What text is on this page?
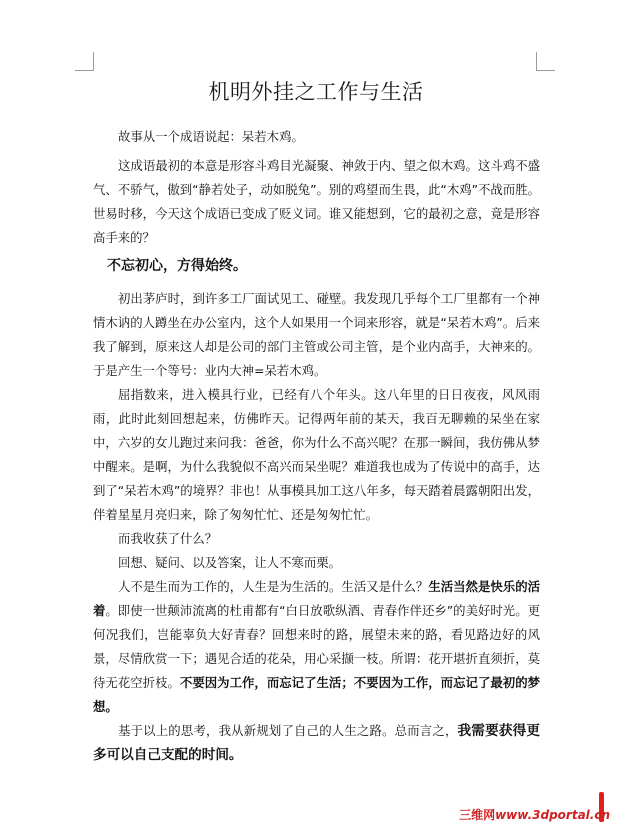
机明外挂之工作与生活

故事从一个成语说起：呆若木鸡。

这成语最初的本意是形容斗鸡目光凝聚、神敛于内、望之似木鸡。这斗鸡不盛气、不骄气，傲到“静若处子，动如脱兔”。别的鸡望而生畏，此“木鸡”不战而胜。世易时移，今天这个成语已变成了贬义词。谁又能想到，它的最初之意，竟是形容高手来的？

不忘初心，方得始终。

初出茅庐时，到许多工厂面试见工、碰壁。我发现几乎每个工厂里都有一个神情木讷的人蹲坐在办公室内，这个人如果用一个词来形容，就是“呆若木鸡”。后来我了解到，原来这人却是公司的部门主管或公司主管，是个业内高手，大神来的。于是产生一个等号：业内大神=呆若木鸡。

屈指数来，进入模具行业，已经有八个年头。这八年里的日日夜夜，风风雨雨，此时此刻回想起来，仿佛昨天。记得两年前的某天，我百无聊赖的呆坐在家中，六岁的女儿跑过来问我：爸爸，你为什么不高兴呢？在那一瞬间，我仿佛从梦中醒来。是啊，为什么我貌似不高兴而呆坐呢？难道我也成为了传说中的高手，达到了“呆若木鸡”的境界？非也！从事模具加工这八年多，每天踏着晨露朝阳出发，伴着星星月亮归来，除了匆匆忙忙、还是匆匆忙忙。

而我收获了什么？

回想、疑问、以及答案，让人不寒而栗。

人不是生而为工作的，人生是为生活的。生活又是什么？生活当然是快乐的活着。即使一世颠沛流离的杜甫都有“白日放歌纵酒、青春作伴还乡”的美好时光。更何况我们，岂能辜负大好青春？回想来时的路，展望未来的路，看见路边好的风景，尽情欣赏一下；遇见合适的花朵，用心采撷一枝。所谓：花开堪折直须折，莫待无花空折枝。不要因为工作，而忘记了生活；不要因为工作，而忘记了最初的梦想。

基于以上的思考，我从新规划了自己的人生之路。总而言之，我需要获得更多可以自己支配的时间。

三维网www.3dportal.cn
